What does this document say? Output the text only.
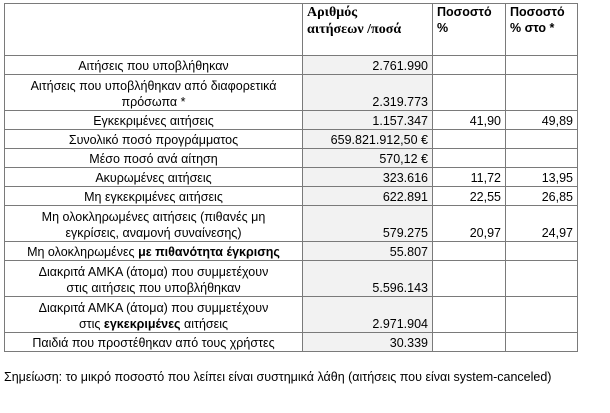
	Αριθμός
αιτήσεων /ποσά	Ποσοστό
%	Ποσοστό
% στο *
Αιτήσεις που υποβλήθηκαν	2.761.990		
Αιτήσεις που υποβλήθηκαν από διαφορετικά
πρόσωπα *	2.319.773		
Εγκεκριμένες αιτήσεις	1.157.347	41,90	49,89
Συνολικό ποσό προγράμματος	659.821.912,50 €		
Μέσο ποσό ανά αίτηση	570,12 €		
Ακυρωμένες αιτήσεις	323.616	11,72	13,95
Μη εγκεκριμένες αιτήσεις	622.891	22,55	26,85
Μη ολοκληρωμένες αιτήσεις (πιθανές μη
εγκρίσεις, αναμονή συναίνεσης)	579.275	20,97	24,97
Μη ολοκληρωμένες με πιθανότητα έγκρισης	55.807		
Διακριτά ΑΜΚΑ (άτομα) που συμμετέχουν
στις αιτήσεις που υποβλήθηκαν	5.596.143		
Διακριτά ΑΜΚΑ (άτομα) που συμμετέχουν
στις εγκεκριμένες αιτήσεις	2.971.904		
Παιδιά που προστέθηκαν από τους χρήστες	30.339		

Σημείωση: το μικρό ποσοστό που λείπει είναι συστημικά λάθη (αιτήσεις που είναι system-canceled)
